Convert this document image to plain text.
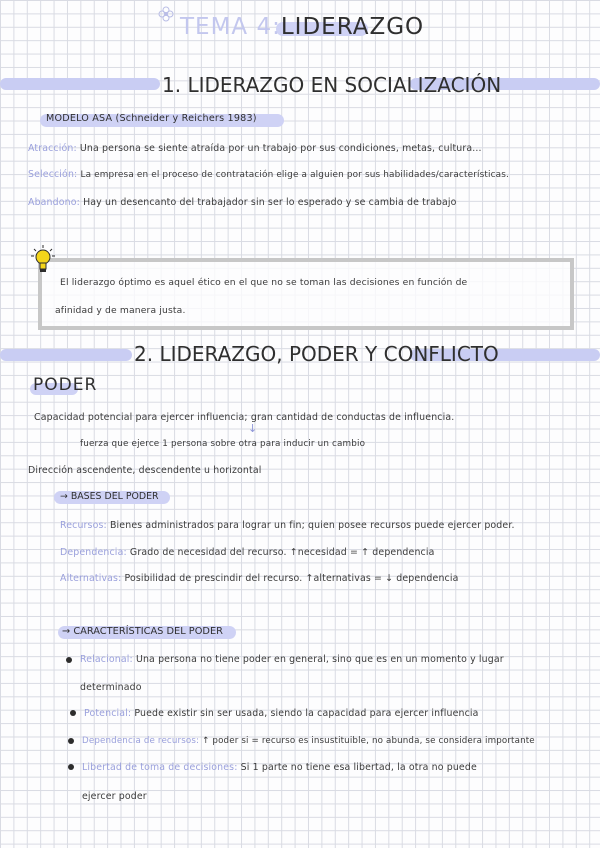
TEMA 4:LIDERAZGO
1. LIDERAZGO EN SOCIALIZACIÓN
MODELO ASA (Schneider y Reichers 1983)
Atracción: Una persona se siente atraída por un trabajo por sus condiciones, metas, cultura...
Selección: La empresa en el proceso de contratación elige a alguien por sus habilidades/características.
Abandono: Hay un desencanto del trabajador sin ser lo esperado y se cambia de trabajo
El liderazgo óptimo es aquel ético en el que no se toman las decisiones en función de
afinidad y de manera justa.
2. LIDERAZGO, PODER Y CONFLICTO
PODER
Capacidad potencial para ejercer influencia; gran cantidad de conductas de influencia.
↓
fuerza que ejerce 1 persona sobre otra para inducir un cambio
Dirección ascendente, descendente u horizontal
→ BASES DEL PODER
Recursos: Bienes administrados para lograr un fin; quien posee recursos puede ejercer poder.
Dependencia: Grado de necesidad del recurso. ↑necesidad = ↑ dependencia
Alternativas: Posibilidad de prescindir del recurso. ↑alternativas = ↓ dependencia
→ CARACTERÍSTICAS DEL PODER
Relacional: Una persona no tiene poder en general, sino que es en un momento y lugar
determinado
Potencial: Puede existir sin ser usada, siendo la capacidad para ejercer influencia
Dependencia de recursos: ↑ poder si = recurso es insustituible, no abunda, se considera importante
Libertad de toma de decisiones: Si 1 parte no tiene esa libertad, la otra no puede
ejercer poder
